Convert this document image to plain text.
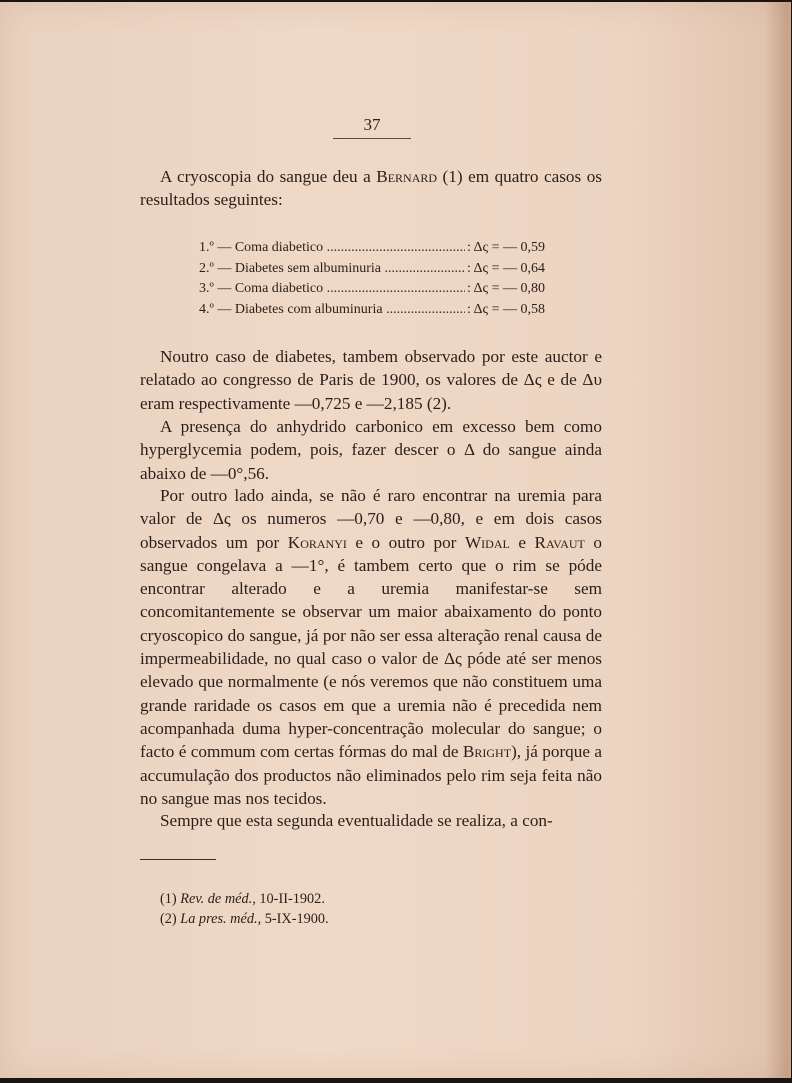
37
A cryoscopia do sangue deu a Bernard (1) em quatro casos os resultados seguintes:
1.º — Coma diabetico .....	: Δς = — 0,59
2.º — Diabetes sem albuminuria .....	: Δς = — 0,64
3.º — Coma diabetico .....	: Δς = — 0,80
4.º — Diabetes com albuminuria .....	: Δς = — 0,58
Noutro caso de diabetes, tambem observado por este auctor e relatado ao congresso de Paris de 1900, os valores de Δς e de Δυ eram respectivamente —0,725 e —2,185 (2).
A presença do anhydrido carbonico em excesso bem como hyperglycemia podem, pois, fazer descer o Δ do sangue ainda abaixo de —0°,56.
Por outro lado ainda, se não é raro encontrar na uremia para valor de Δς os numeros —0,70 e —0,80, e em dois casos observados um por Koranyi e o outro por Widal e Ravaut o sangue congelava a —1°, é tambem certo que o rim se póde encontrar alterado e a uremia manifestar-se sem concomitantemente se observar um maior abaixamento do ponto cryoscopico do sangue, já por não ser essa alteração renal causa de impermeabilidade, no qual caso o valor de Δς póde até ser menos elevado que normalmente (e nós veremos que não constituem uma grande raridade os casos em que a uremia não é precedida nem acompanhada duma hyper-concentração molecular do sangue; o facto é commum com certas fórmas do mal de Bright), já porque a accumulação dos productos não eliminados pelo rim seja feita não no sangue mas nos tecidos.
Sempre que esta segunda eventualidade se realiza, a con-
(1) Rev. de méd., 10-II-1902.
(2) La pres. méd., 5-IX-1900.
